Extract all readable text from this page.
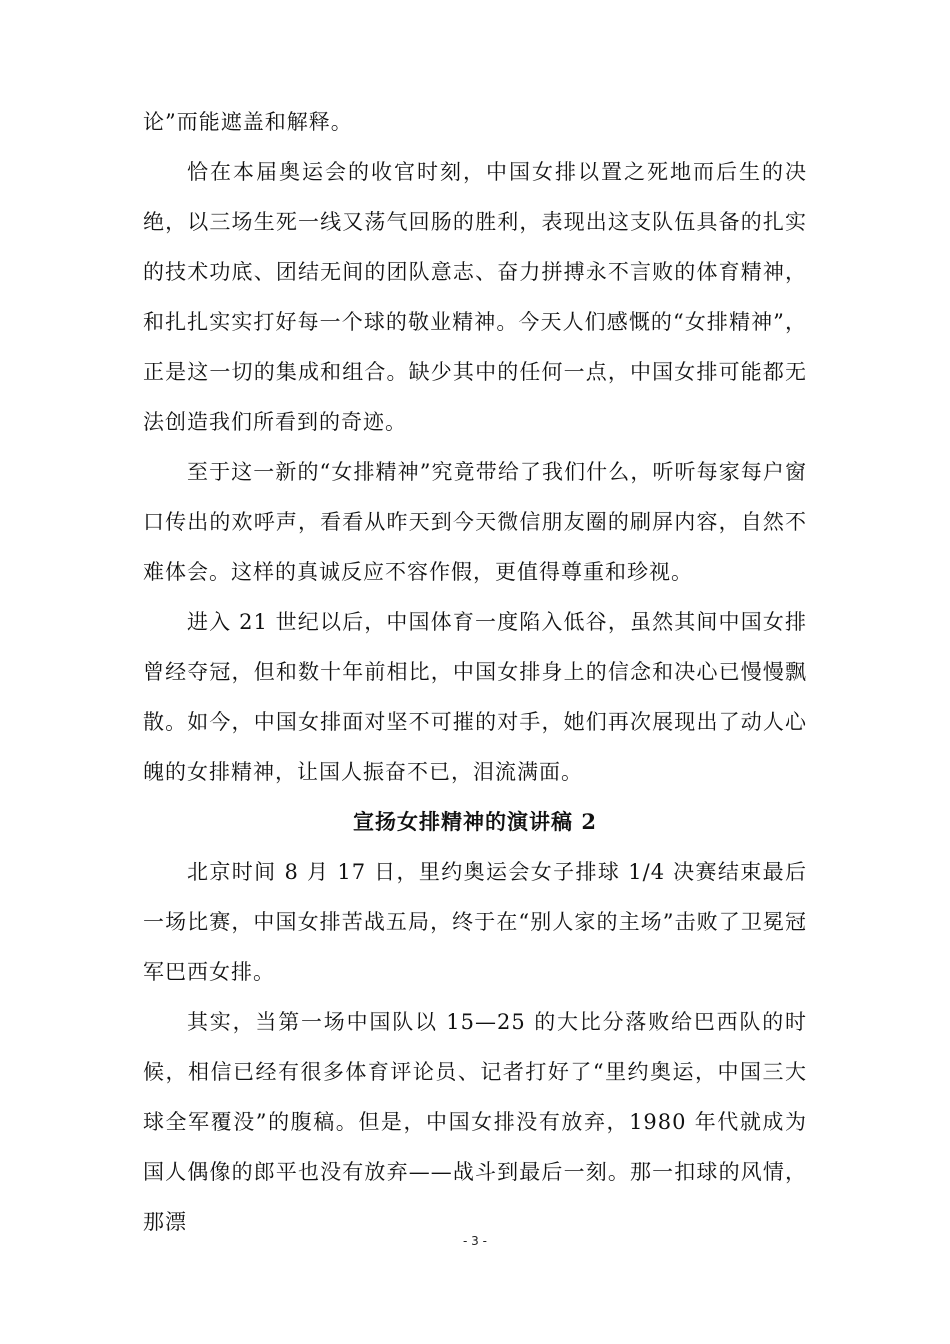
论”而能遮盖和解释。

恰在本届奥运会的收官时刻，中国女排以置之死地而后生的决绝，以三场生死一线又荡气回肠的胜利，表现出这支队伍具备的扎实的技术功底、团结无间的团队意志、奋力拼搏永不言败的体育精神，和扎扎实实打好每一个球的敬业精神。今天人们感慨的“女排精神”，正是这一切的集成和组合。缺少其中的任何一点，中国女排可能都无法创造我们所看到的奇迹。

至于这一新的“女排精神”究竟带给了我们什么，听听每家每户窗口传出的欢呼声，看看从昨天到今天微信朋友圈的刷屏内容，自然不难体会。这样的真诚反应不容作假，更值得尊重和珍视。

进入 21 世纪以后，中国体育一度陷入低谷，虽然其间中国女排曾经夺冠，但和数十年前相比，中国女排身上的信念和决心已慢慢飘散。如今，中国女排面对坚不可摧的对手，她们再次展现出了动人心魄的女排精神，让国人振奋不已，泪流满面。

宣扬女排精神的演讲稿 2

北京时间 8 月 17 日，里约奥运会女子排球 1/4 决赛结束最后一场比赛，中国女排苦战五局，终于在“别人家的主场”击败了卫冕冠军巴西女排。

其实，当第一场中国队以 15—25 的大比分落败给巴西队的时候，相信已经有很多体育评论员、记者打好了“里约奥运，中国三大球全军覆没”的腹稿。但是，中国女排没有放弃，1980 年代就成为国人偶像的郎平也没有放弃——战斗到最后一刻。那一扣球的风情，那漂

- 3 -
